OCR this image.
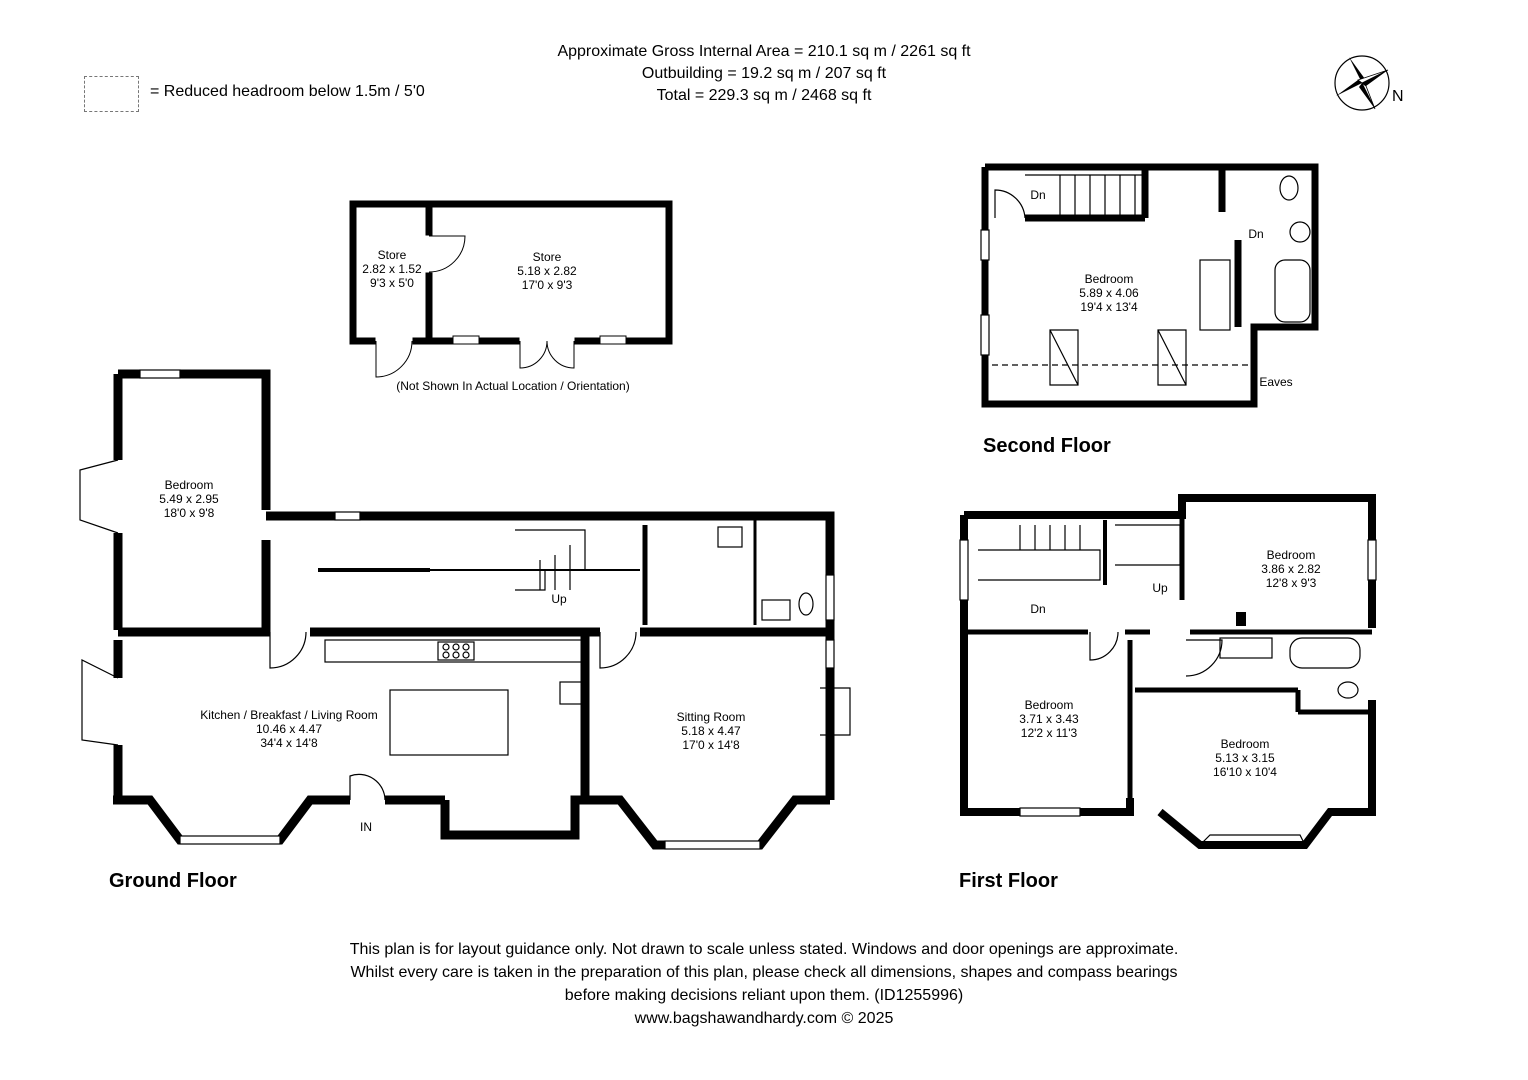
Approximate Gross Internal Area = 210.1 sq m / 2261 sq ft
Outbuilding = 19.2 sq m / 207 sq ft
Total = 229.3 sq m / 2468 sq ft
= Reduced headroom below 1.5m / 5'0
Store
2.82 x 1.52
9'3 x 5'0
Store
5.18 x 2.82
17'0 x 9'3
(Not Shown In Actual Location / Orientation)
Bedroom
5.49 x 2.95
18'0 x 9'8
Kitchen / Breakfast / Living Room
10.46 x 4.47
34'4 x 14'8
Sitting Room
5.18 x 4.47
17'0 x 14'8
Up
IN
Bedroom
5.89 x 4.06
19'4 x 13'4
Dn
Dn
Eaves
Bedroom
3.86 x 2.82
12'8 x 9'3
Bedroom
3.71 x 3.43
12'2 x 11'3
Bedroom
5.13 x 3.15
16'10 x 10'4
Up
Dn
N
Ground Floor
Second Floor
First Floor
This plan is for layout guidance only. Not drawn to scale unless stated. Windows and door openings are approximate.
Whilst every care is taken in the preparation of this plan, please check all dimensions, shapes and compass bearings
before making decisions reliant upon them. (ID1255996)
www.bagshawandhardy.com © 2025
